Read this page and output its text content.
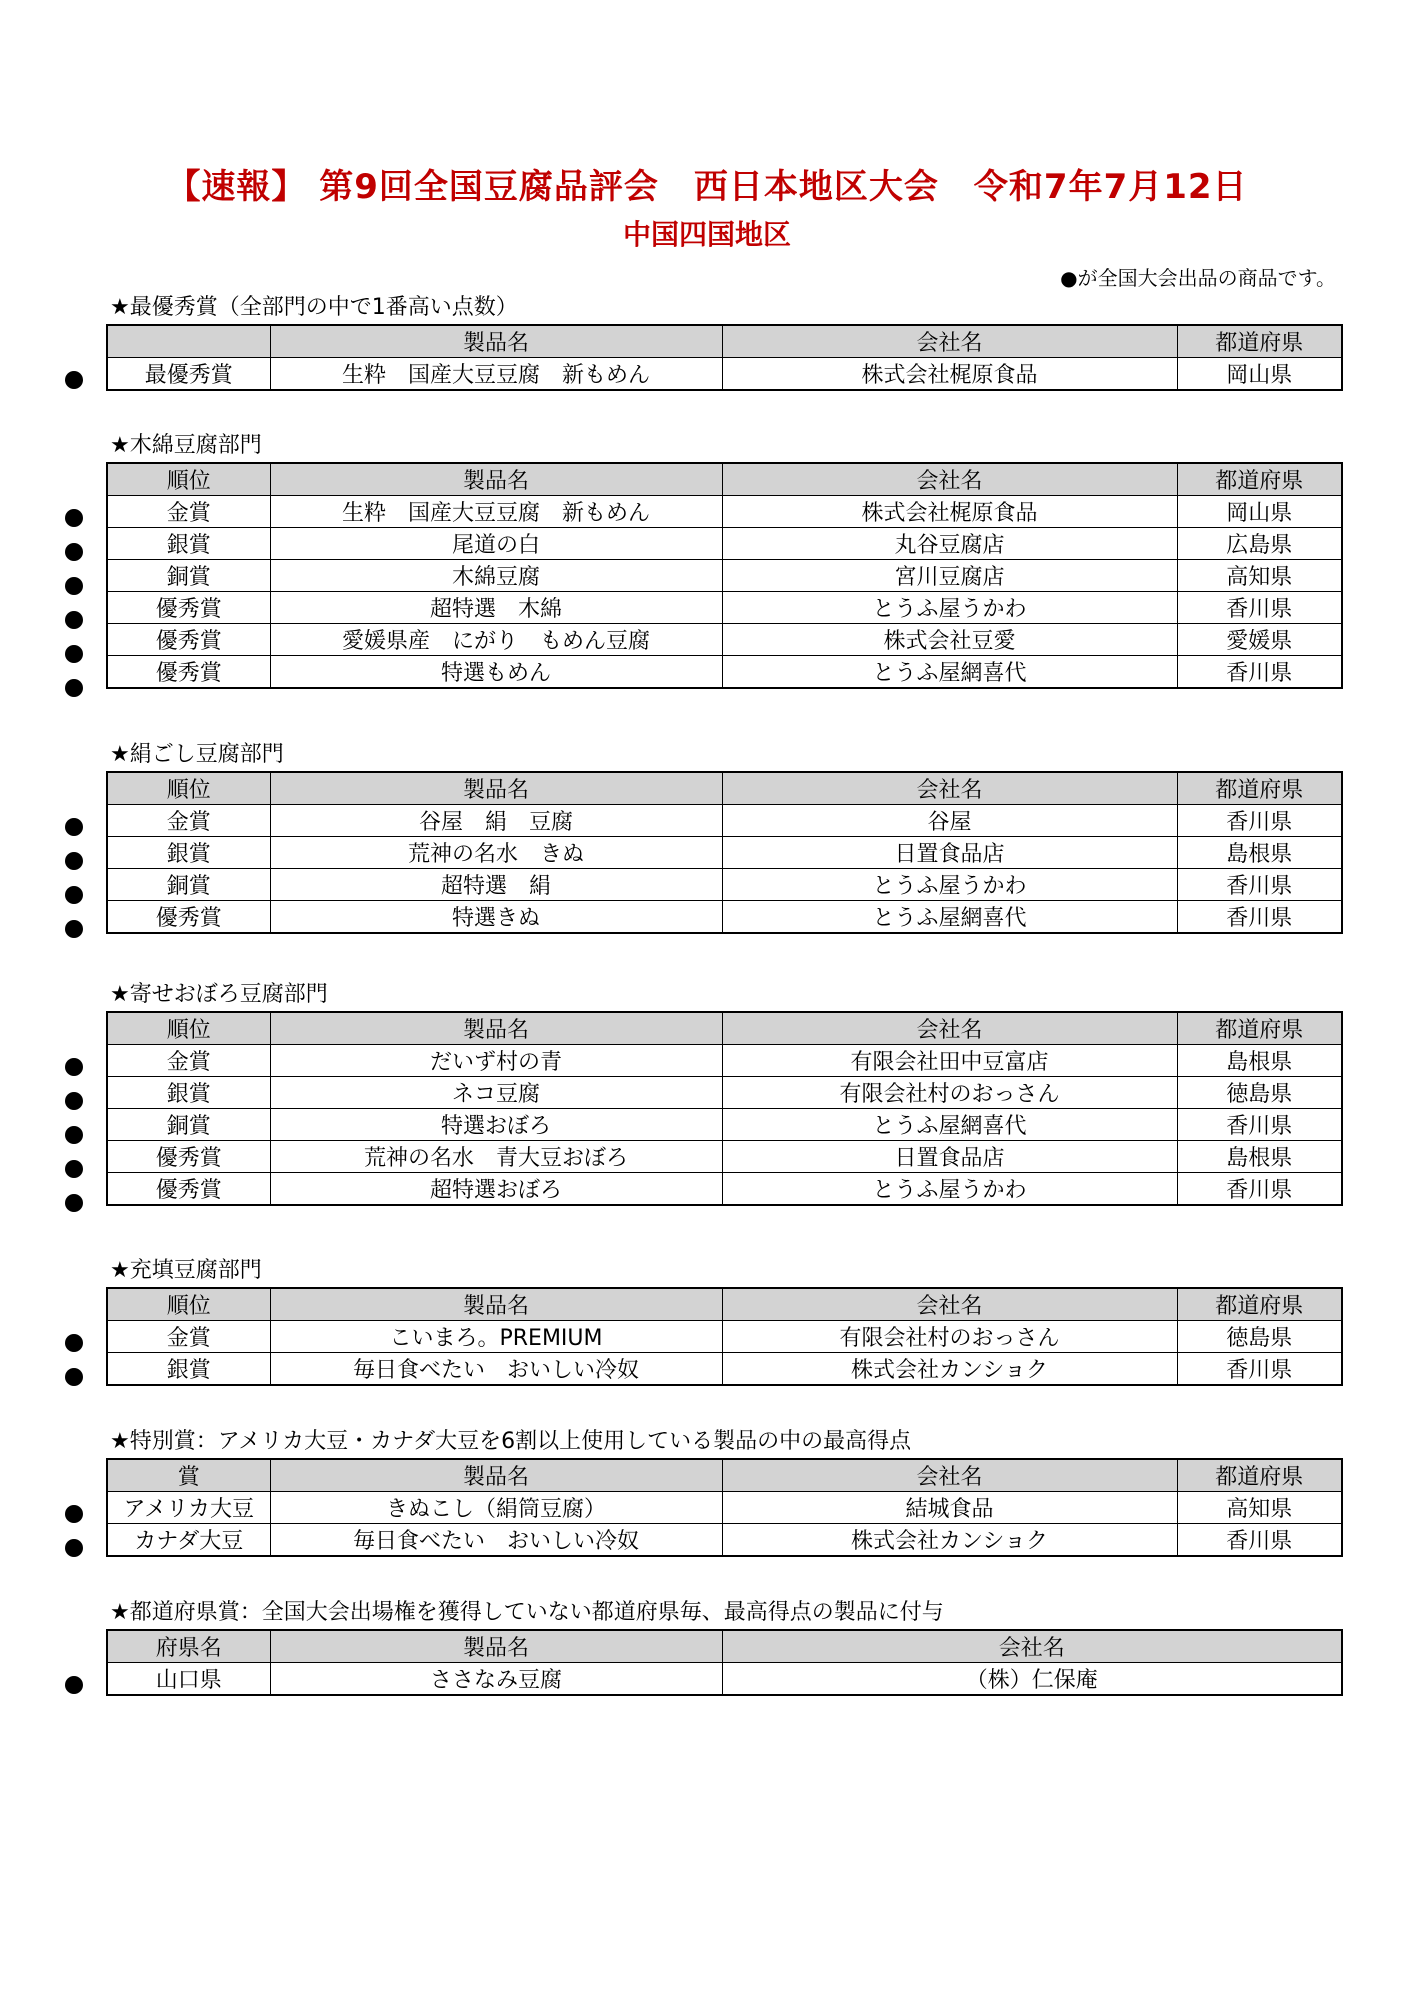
【速報】 第9回全国豆腐品評会　西日本地区大会　令和7年7月12日
中国四国地区
●が全国大会出品の商品です。
★最優秀賞（全部門の中で1番高い点数）
	製品名	会社名	都道府県
最優秀賞	生粋　国産大豆豆腐　新もめん	株式会社梶原食品	岡山県
★木綿豆腐部門
順位	製品名	会社名	都道府県
金賞	生粋　国産大豆豆腐　新もめん	株式会社梶原食品	岡山県
銀賞	尾道の白	丸谷豆腐店	広島県
銅賞	木綿豆腐	宮川豆腐店	高知県
優秀賞	超特選　木綿	とうふ屋うかわ	香川県
優秀賞	愛媛県産　にがり　もめん豆腐	株式会社豆愛	愛媛県
優秀賞	特選もめん	とうふ屋網喜代	香川県
★絹ごし豆腐部門
順位	製品名	会社名	都道府県
金賞	谷屋　絹　豆腐	谷屋	香川県
銀賞	荒神の名水　きぬ	日置食品店	島根県
銅賞	超特選　絹	とうふ屋うかわ	香川県
優秀賞	特選きぬ	とうふ屋網喜代	香川県
★寄せおぼろ豆腐部門
順位	製品名	会社名	都道府県
金賞	だいず村の青	有限会社田中豆富店	島根県
銀賞	ネコ豆腐	有限会社村のおっさん	徳島県
銅賞	特選おぼろ	とうふ屋網喜代	香川県
優秀賞	荒神の名水　青大豆おぼろ	日置食品店	島根県
優秀賞	超特選おぼろ	とうふ屋うかわ	香川県
★充填豆腐部門
順位	製品名	会社名	都道府県
金賞	こいまろ。PREMIUM	有限会社村のおっさん	徳島県
銀賞	毎日食べたい　おいしい冷奴	株式会社カンショク	香川県
★特別賞：アメリカ大豆・カナダ大豆を6割以上使用している製品の中の最高得点
賞	製品名	会社名	都道府県
アメリカ大豆	きぬこし（絹筒豆腐）	結城食品	高知県
カナダ大豆	毎日食べたい　おいしい冷奴	株式会社カンショク	香川県
★都道府県賞：全国大会出場権を獲得していない都道府県毎、最高得点の製品に付与
府県名	製品名	会社名
山口県	ささなみ豆腐	（株）仁保庵
